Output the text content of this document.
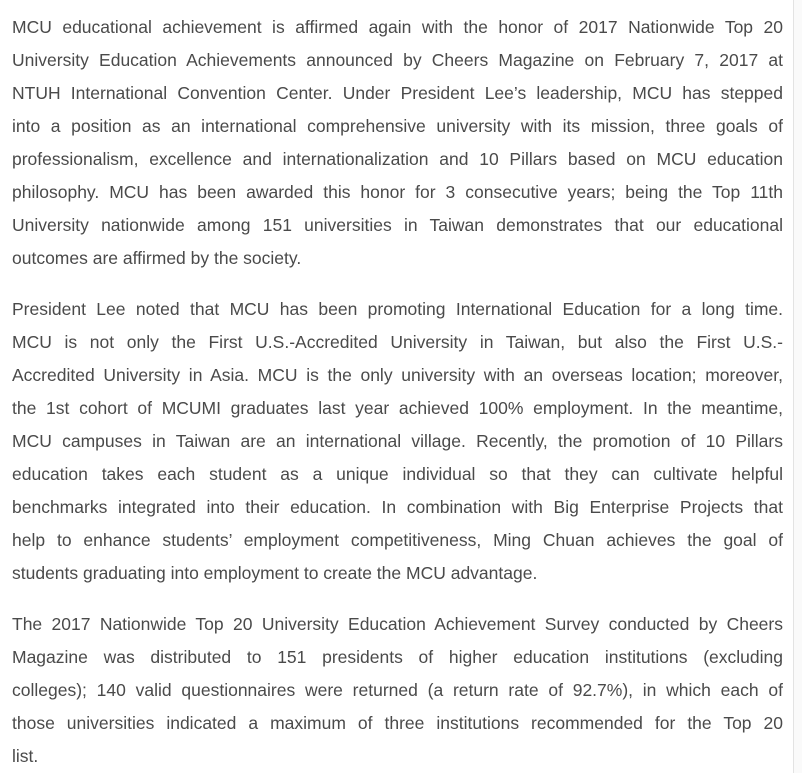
MCU educational achievement is affirmed again with the honor of 2017 Nationwide Top 20
University Education Achievements announced by Cheers Magazine on February 7, 2017 at
NTUH International Convention Center. Under President Lee’s leadership, MCU has stepped
into a position as an international comprehensive university with its mission, three goals of
professionalism, excellence and internationalization and 10 Pillars based on MCU education
philosophy. MCU has been awarded this honor for 3 consecutive years; being the Top 11th
University nationwide among 151 universities in Taiwan demonstrates that our educational
outcomes are affirmed by the society.
President Lee noted that MCU has been promoting International Education for a long time.
MCU is not only the First U.S.-Accredited University in Taiwan, but also the First U.S.-
Accredited University in Asia. MCU is the only university with an overseas location; moreover,
the 1st cohort of MCUMI graduates last year achieved 100% employment. In the meantime,
MCU campuses in Taiwan are an international village. Recently, the promotion of 10 Pillars
education takes each student as a unique individual so that they can cultivate helpful
benchmarks integrated into their education. In combination with Big Enterprise Projects that
help to enhance students’ employment competitiveness, Ming Chuan achieves the goal of
students graduating into employment to create the MCU advantage.
The 2017 Nationwide Top 20 University Education Achievement Survey conducted by Cheers
Magazine was distributed to 151 presidents of higher education institutions (excluding
colleges); 140 valid questionnaires were returned (a return rate of 92.7%), in which each of
those universities indicated a maximum of three institutions recommended for the Top 20
list.
